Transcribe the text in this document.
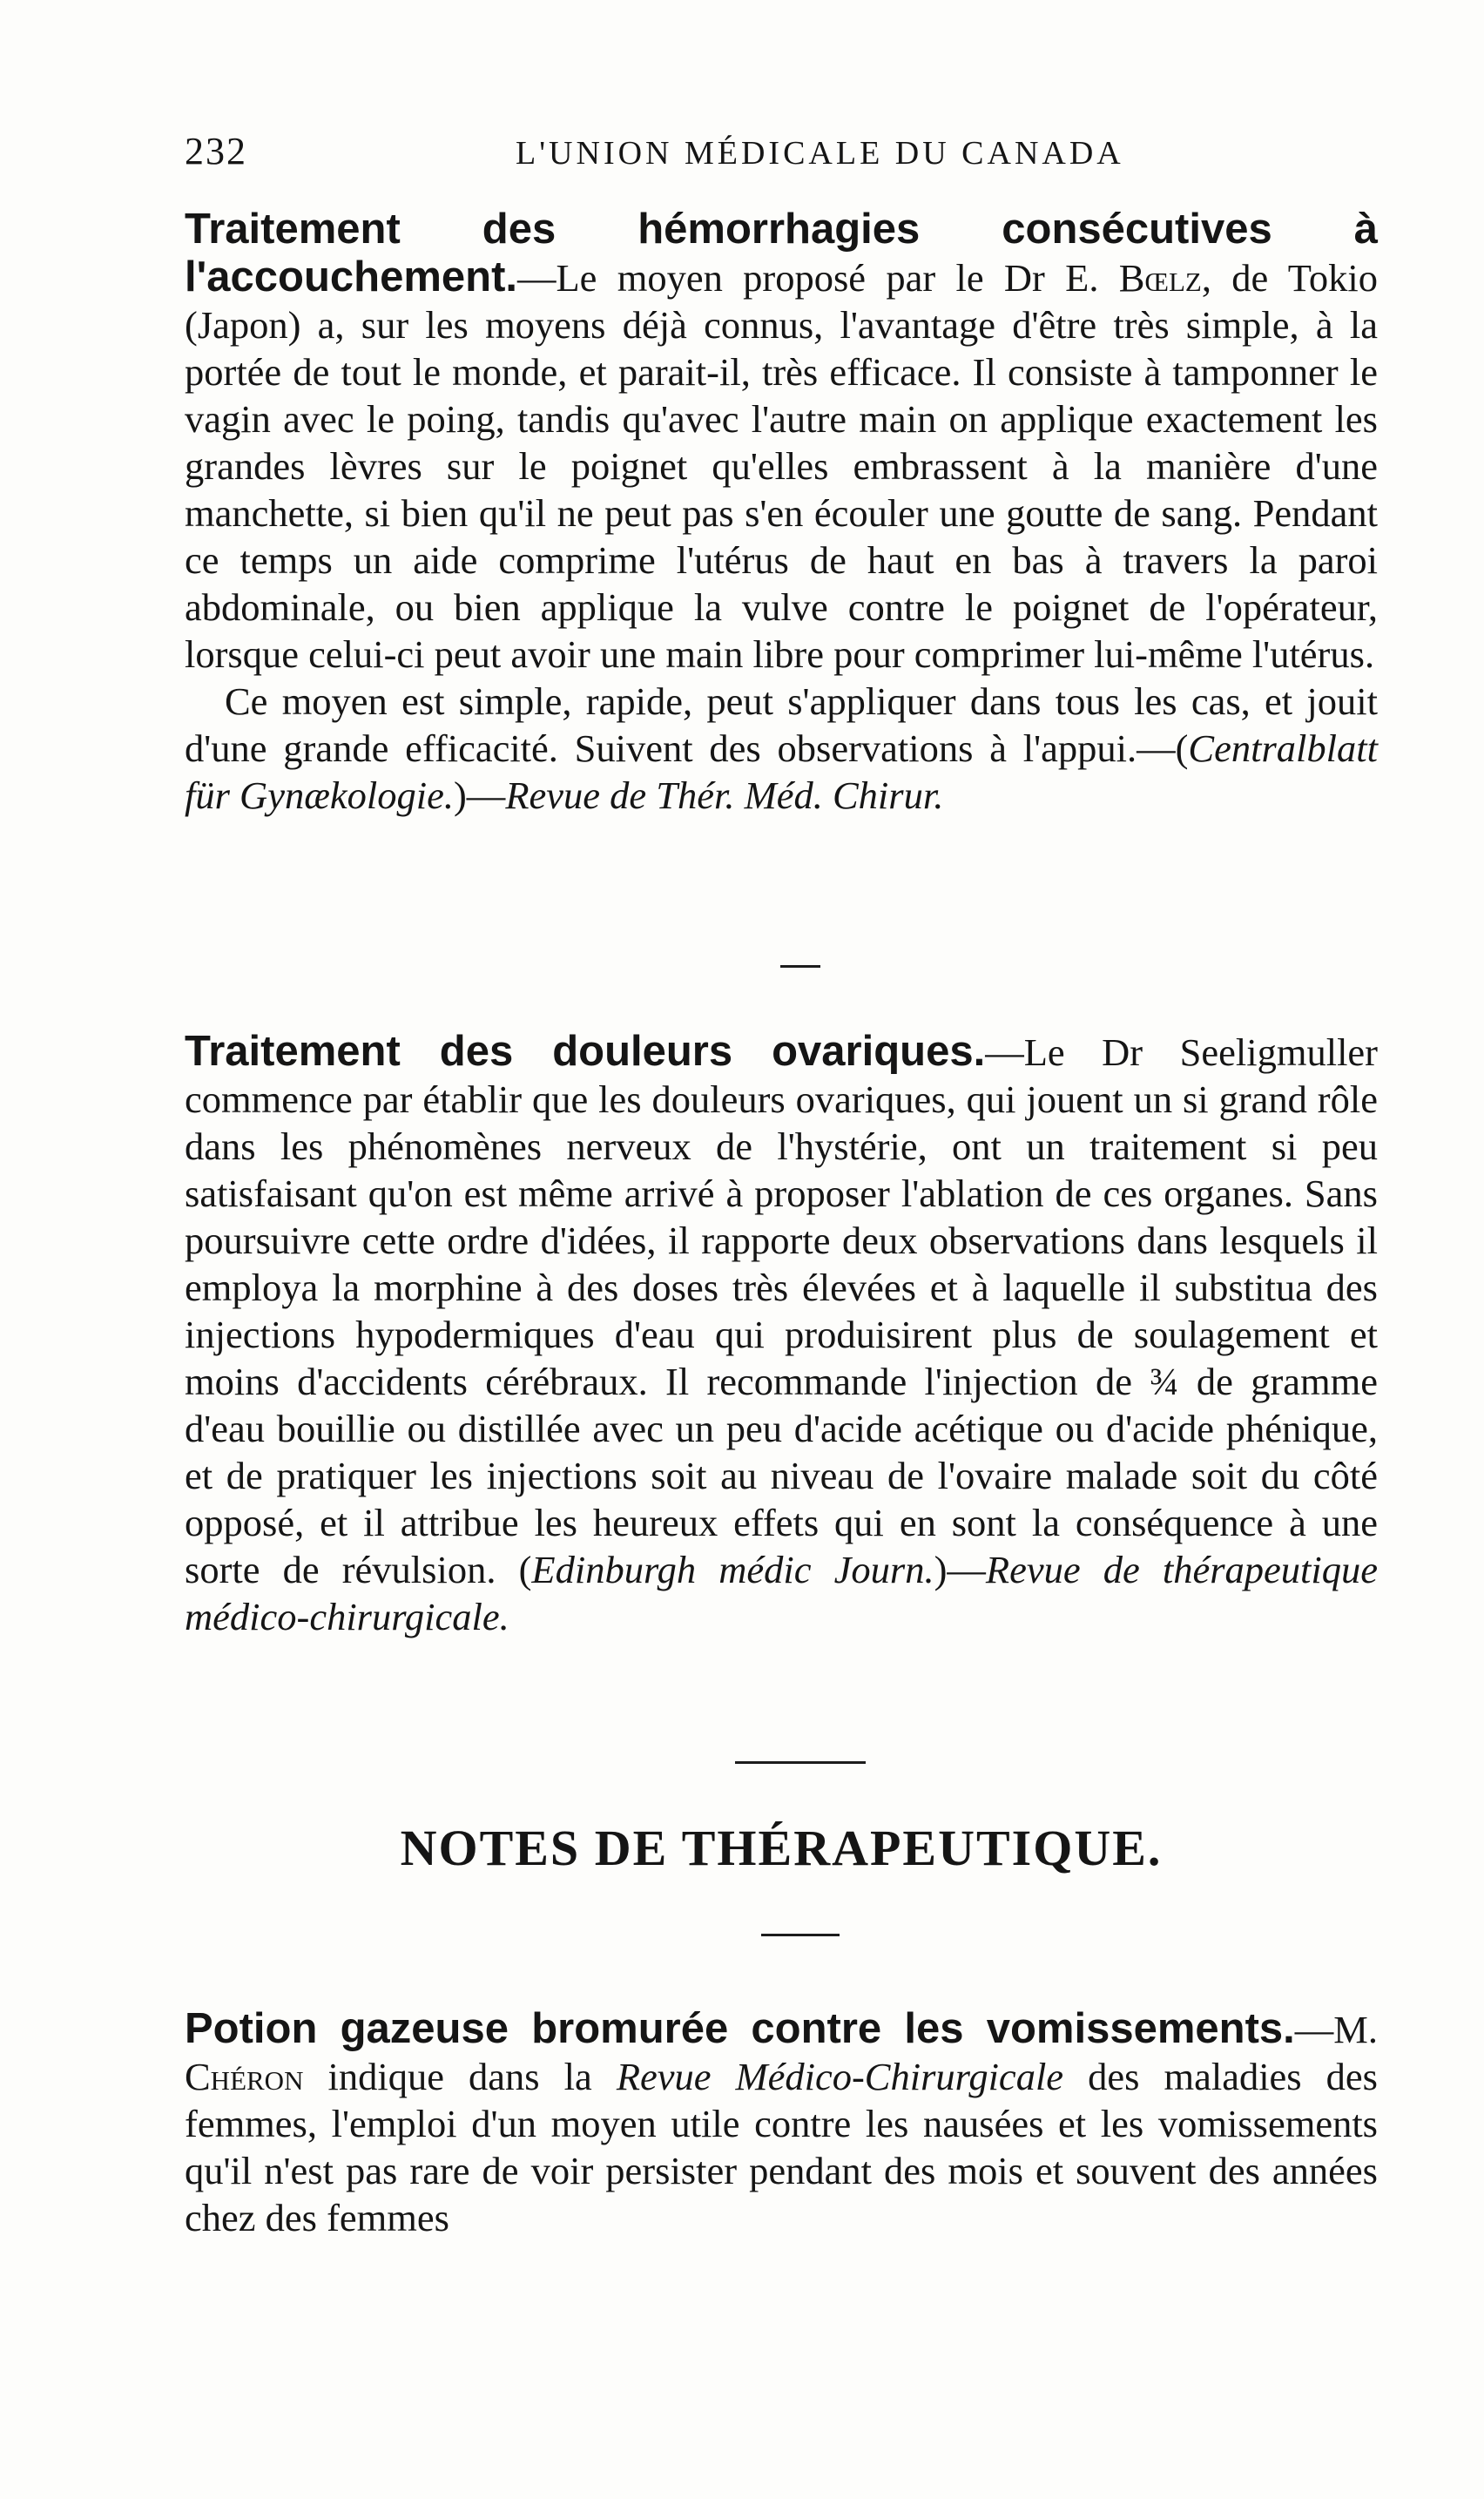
232	L'UNION MÉDICALE DU CANADA

Traitement des hémorrhagies consécutives à l'accouchement.—Le moyen proposé par le Dr E. Bœlz, de Tokio (Japon) a, sur les moyens déjà connus, l'avantage d'être très simple, à la portée de tout le monde, et parait-il, très efficace. Il consiste à tamponner le vagin avec le poing, tandis qu'avec l'autre main on applique exactement les grandes lèvres sur le poignet qu'elles embrassent à la manière d'une manchette, si bien qu'il ne peut pas s'en écouler une goutte de sang. Pendant ce temps un aide comprime l'utérus de haut en bas à travers la paroi abdominale, ou bien applique la vulve contre le poignet de l'opérateur, lorsque celui-ci peut avoir une main libre pour comprimer lui-même l'utérus.

Ce moyen est simple, rapide, peut s'appliquer dans tous les cas, et jouit d'une grande efficacité. Suivent des observations à l'appui.—(Centralblatt für Gynækologie.)—Revue de Thér. Méd. Chirur.

Traitement des douleurs ovariques.—Le Dr Seeligmuller commence par établir que les douleurs ovariques, qui jouent un si grand rôle dans les phénomènes nerveux de l'hystérie, ont un traitement si peu satisfaisant qu'on est même arrivé à proposer l'ablation de ces organes. Sans poursuivre cette ordre d'idées, il rapporte deux observations dans lesquels il employa la morphine à des doses très élevées et à laquelle il substitua des injections hypodermiques d'eau qui produisirent plus de soulagement et moins d'accidents cérébraux. Il recommande l'injection de ¾ de gramme d'eau bouillie ou distillée avec un peu d'acide acétique ou d'acide phénique, et de pratiquer les injections soit au niveau de l'ovaire malade soit du côté opposé, et il attribue les heureux effets qui en sont la conséquence à une sorte de révulsion. (Edinburgh médic Journ.)—Revue de thérapeutique médico-chirurgicale.

NOTES DE THÉRAPEUTIQUE.

Potion gazeuse bromurée contre les vomissements.—M. Chéron indique dans la Revue Médico-Chirurgicale des maladies des femmes, l'emploi d'un moyen utile contre les nausées et les vomissements qu'il n'est pas rare de voir persister pendant des mois et souvent des années chez des femmes
